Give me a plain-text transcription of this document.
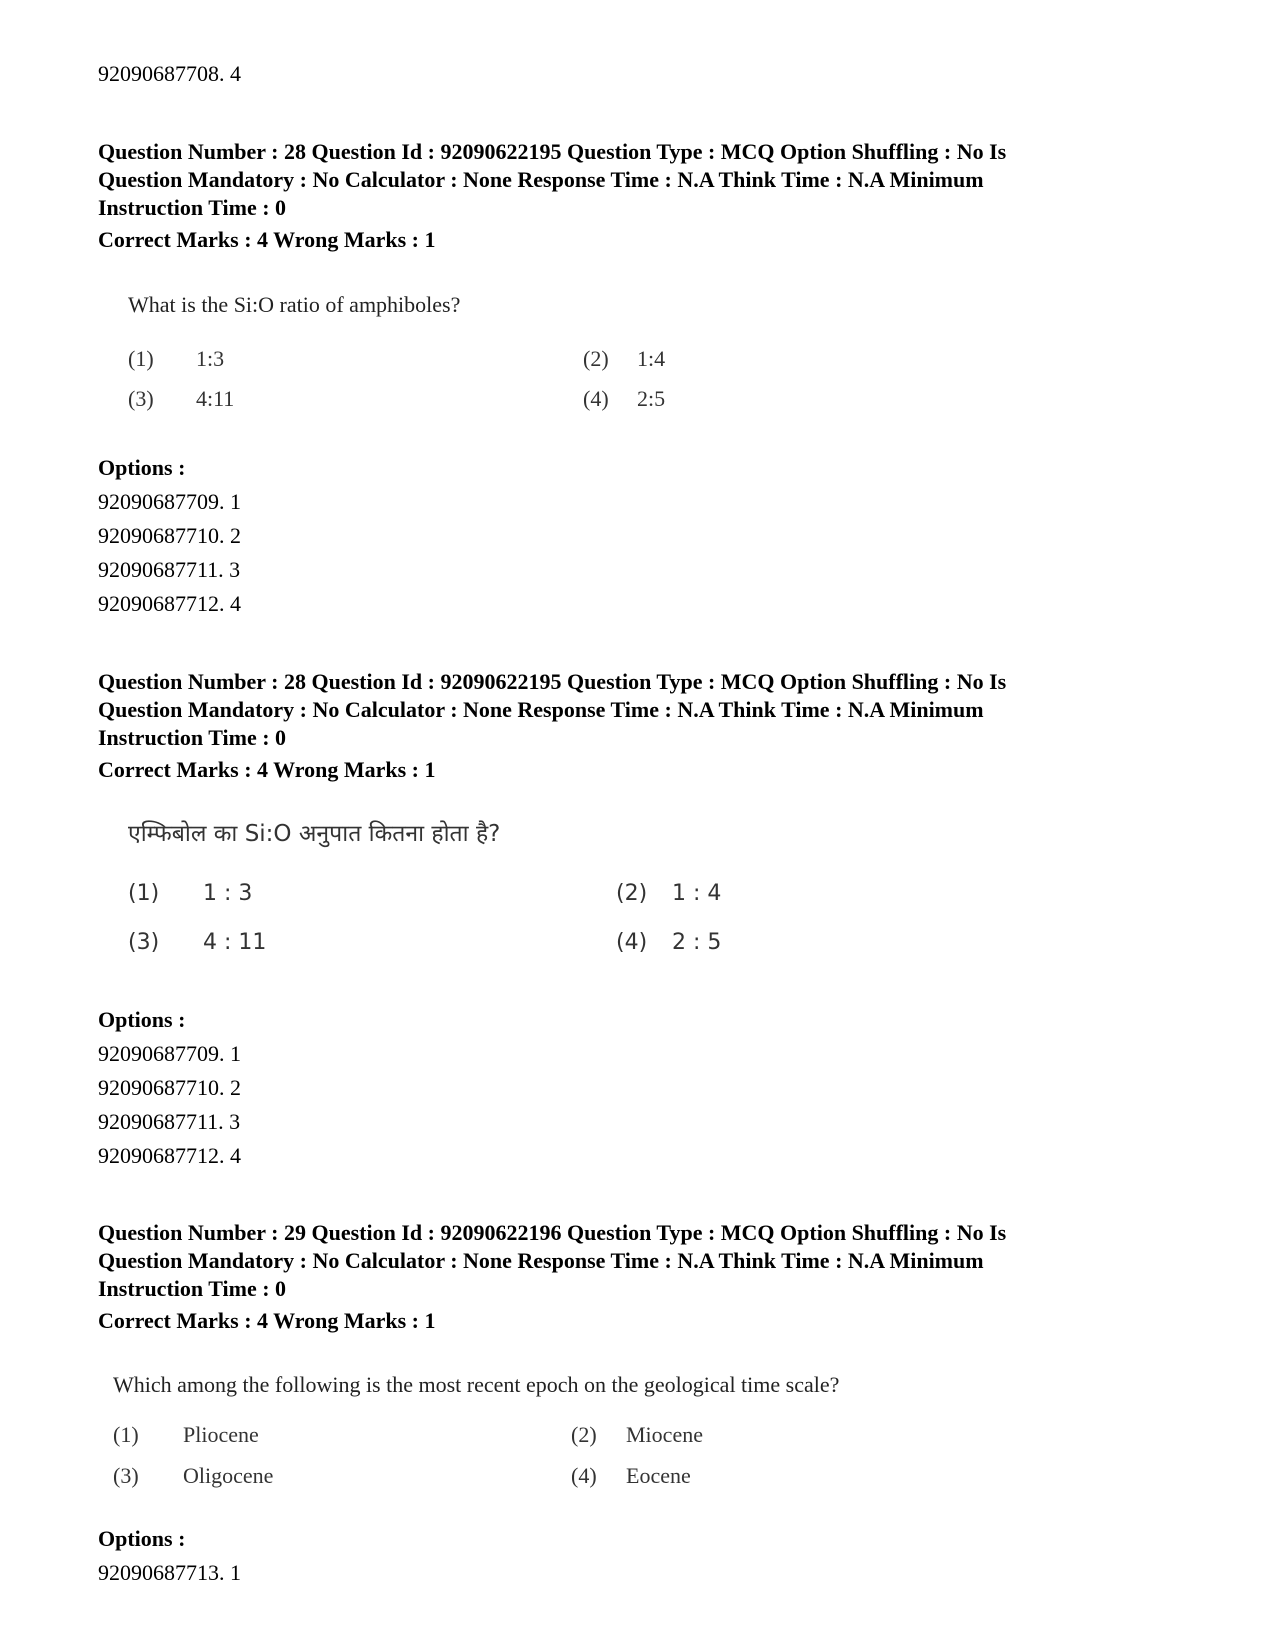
92090687708. 4
Question Number : 28 Question Id : 92090622195 Question Type : MCQ Option Shuffling : No Is
Question Mandatory : No Calculator : None Response Time : N.A Think Time : N.A Minimum
Instruction Time : 0
Correct Marks : 4 Wrong Marks : 1
What is the Si:O ratio of amphiboles?
(1) 1:3	(2) 1:4
(3) 4:11	(4) 2:5
Options :
92090687709. 1
92090687710. 2
92090687711. 3
92090687712. 4
Question Number : 28 Question Id : 92090622195 Question Type : MCQ Option Shuffling : No Is
Question Mandatory : No Calculator : None Response Time : N.A Think Time : N.A Minimum
Instruction Time : 0
Correct Marks : 4 Wrong Marks : 1
एम्फिबोल का Si:O अनुपात कितना होता है?
(1) 1 : 3	(2) 1 : 4
(3) 4 : 11	(4) 2 : 5
Options :
92090687709. 1
92090687710. 2
92090687711. 3
92090687712. 4
Question Number : 29 Question Id : 92090622196 Question Type : MCQ Option Shuffling : No Is
Question Mandatory : No Calculator : None Response Time : N.A Think Time : N.A Minimum
Instruction Time : 0
Correct Marks : 4 Wrong Marks : 1
Which among the following is the most recent epoch on the geological time scale?
(1) Pliocene	(2) Miocene
(3) Oligocene	(4) Eocene
Options :
92090687713. 1
